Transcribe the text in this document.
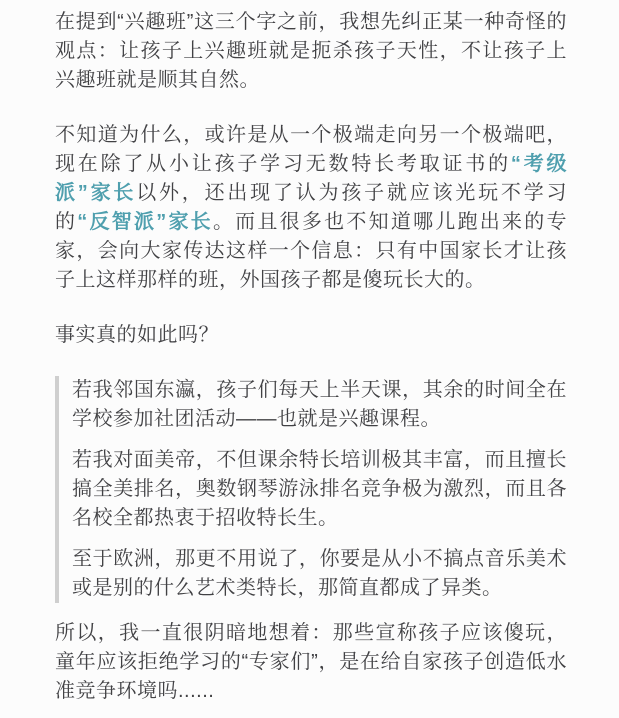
在提到“兴趣班”这三个字之前，我想先纠正某一种奇怪的观点：让孩子上兴趣班就是扼杀孩子天性，不让孩子上兴趣班就是顺其自然。

不知道为什么，或许是从一个极端走向另一个极端吧，现在除了从小让孩子学习无数特长考取证书的“考级派”家长以外，还出现了认为孩子就应该光玩不学习的“反智派”家长。而且很多也不知道哪儿跑出来的专家，会向大家传达这样一个信息：只有中国家长才让孩子上这样那样的班，外国孩子都是傻玩长大的。

事实真的如此吗？

若我邻国东瀛，孩子们每天上半天课，其余的时间全在学校参加社团活动——也就是兴趣课程。

若我对面美帝，不但课余特长培训极其丰富，而且擅长搞全美排名，奥数钢琴游泳排名竞争极为激烈，而且各名校全都热衷于招收特长生。

至于欧洲，那更不用说了，你要是从小不搞点音乐美术或是别的什么艺术类特长，那简直都成了异类。

所以，我一直很阴暗地想着：那些宣称孩子应该傻玩，童年应该拒绝学习的“专家们”，是在给自家孩子创造低水准竞争环境吗......
